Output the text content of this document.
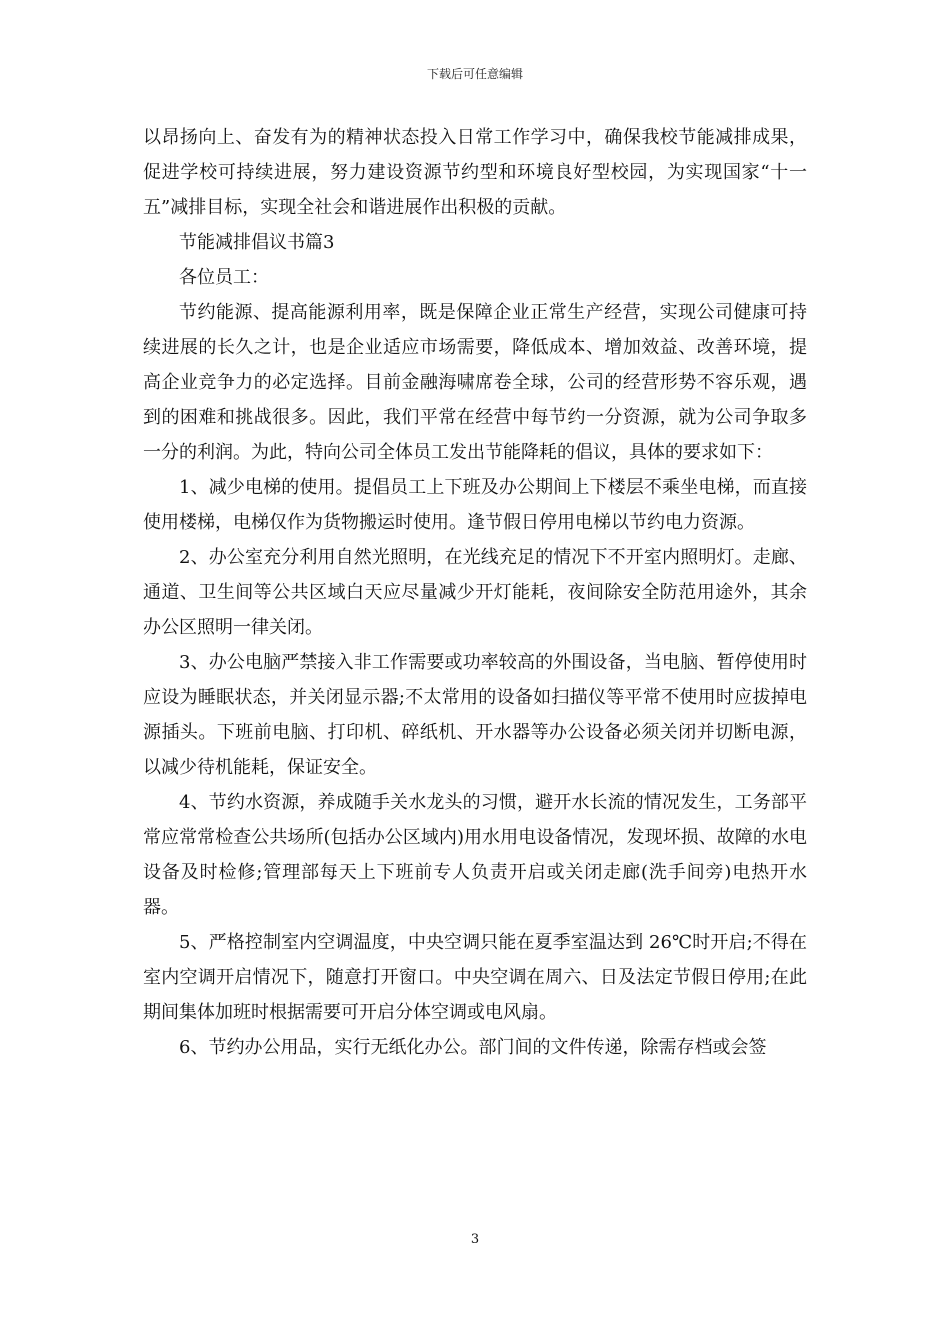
下载后可任意编辑

以昂扬向上、奋发有为的精神状态投入日常工作学习中，确保我校节能减排成果，促进学校可持续进展，努力建设资源节约型和环境良好型校园，为实现国家“十一五”减排目标，实现全社会和谐进展作出积极的贡献。

节能减排倡议书篇3

各位员工：

节约能源、提高能源利用率，既是保障企业正常生产经营，实现公司健康可持续进展的长久之计，也是企业适应市场需要，降低成本、增加效益、改善环境，提高企业竞争力的必定选择。目前金融海啸席卷全球，公司的经营形势不容乐观，遇到的困难和挑战很多。因此，我们平常在经营中每节约一分资源，就为公司争取多一分的利润。为此，特向公司全体员工发出节能降耗的倡议，具体的要求如下：

1、减少电梯的使用。提倡员工上下班及办公期间上下楼层不乘坐电梯，而直接使用楼梯，电梯仅作为货物搬运时使用。逢节假日停用电梯以节约电力资源。

2、办公室充分利用自然光照明，在光线充足的情况下不开室内照明灯。走廊、通道、卫生间等公共区域白天应尽量减少开灯能耗，夜间除安全防范用途外，其余办公区照明一律关闭。

3、办公电脑严禁接入非工作需要或功率较高的外围设备，当电脑、暂停使用时应设为睡眠状态，并关闭显示器;不太常用的设备如扫描仪等平常不使用时应拔掉电源插头。下班前电脑、打印机、碎纸机、开水器等办公设备必须关闭并切断电源，以减少待机能耗，保证安全。

4、节约水资源，养成随手关水龙头的习惯，避开水长流的情况发生，工务部平常应常常检查公共场所(包括办公区域内)用水用电设备情况，发现坏损、故障的水电设备及时检修;管理部每天上下班前专人负责开启或关闭走廊(洗手间旁)电热开水器。

5、严格控制室内空调温度，中央空调只能在夏季室温达到 26℃时开启;不得在室内空调开启情况下，随意打开窗口。中央空调在周六、日及法定节假日停用;在此期间集体加班时根据需要可开启分体空调或电风扇。

6、节约办公用品，实行无纸化办公。部门间的文件传递，除需存档或会签

3
